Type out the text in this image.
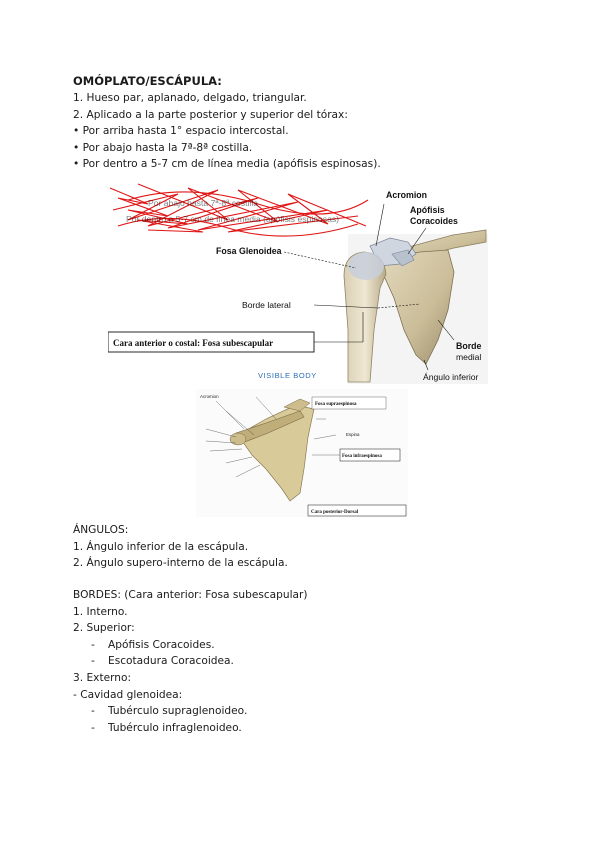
OMÓPLATO/ESCÁPULA:
1. Hueso par, aplanado, delgado, triangular.
2. Aplicado a la parte posterior y superior del tórax:
• Por arriba hasta 1° espacio intercostal.
• Por abajo hasta la 7ª-8ª costilla.
• Por dentro a 5-7 cm de línea media (apófisis espinosas).
Por abajo hasta 7ª-8ª costilla
Por dentro a 5-7 cm de línea media (apófisis espinosas)
Acromion
Apófisis
Coracoides
Fosa Glenoidea
Borde lateral
Borde
medial
Ángulo inferior
Cara anterior o costal: Fosa subescapular
VISIBLE BODY
Acromion
Fosa supraespinosa
Espina
Fosa infraespinosa
Cara posterior-Dorsal
ÁNGULOS:
1. Ángulo inferior de la escápula.
2. Ángulo supero-interno de la escápula.
BORDES: (Cara anterior: Fosa subescapular)
1. Interno.
2. Superior:
- Apófisis Coracoides.
- Escotadura Coracoidea.
3. Externo:
- Cavidad glenoidea:
- Tubérculo supraglenoideo.
- Tubérculo infraglenoideo.
